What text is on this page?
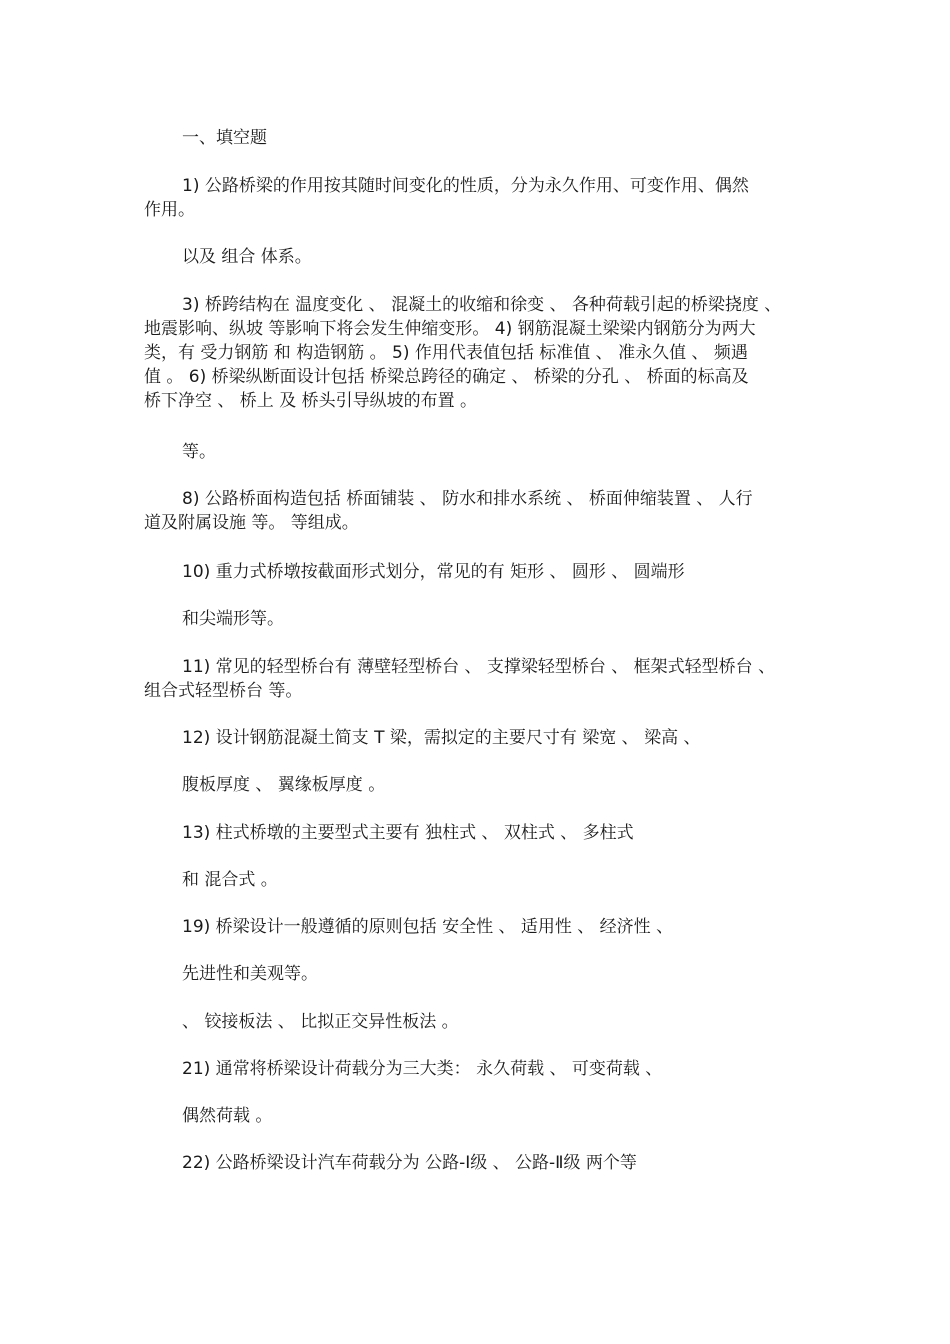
一、填空题

1) 公路桥梁的作用按其随时间变化的性质，分为永久作用、可变作用、偶然
作用。

以及 组合 体系。

3) 桥跨结构在 温度变化 、 混凝土的收缩和徐变 、 各种荷载引起的桥梁挠度 、
地震影响、纵坡 等影响下将会发生伸缩变形。 4) 钢筋混凝土梁梁内钢筋分为两大
类，有 受力钢筋 和 构造钢筋 。 5) 作用代表值包括 标准值 、 准永久值 、 频遇
值 。 6) 桥梁纵断面设计包括 桥梁总跨径的确定 、 桥梁的分孔 、 桥面的标高及
桥下净空 、 桥上 及 桥头引导纵坡的布置 。

等。

8) 公路桥面构造包括 桥面铺装 、 防水和排水系统 、 桥面伸缩装置 、 人行
道及附属设施 等。 等组成。

10) 重力式桥墩按截面形式划分，常见的有 矩形 、 圆形 、 圆端形

和尖端形等。

11) 常见的轻型桥台有 薄壁轻型桥台 、 支撑梁轻型桥台 、 框架式轻型桥台 、
组合式轻型桥台 等。

12) 设计钢筋混凝土简支 T 梁，需拟定的主要尺寸有 梁宽 、 梁高 、

腹板厚度 、 翼缘板厚度 。

13) 柱式桥墩的主要型式主要有 独柱式 、 双柱式 、 多柱式

和 混合式 。

19) 桥梁设计一般遵循的原则包括 安全性 、 适用性 、 经济性 、

先进性和美观等。

、 铰接板法 、 比拟正交异性板法 。

21) 通常将桥梁设计荷载分为三大类： 永久荷载 、 可变荷载 、

偶然荷载 。

22) 公路桥梁设计汽车荷载分为 公路-Ⅰ级 、 公路-Ⅱ级 两个等
